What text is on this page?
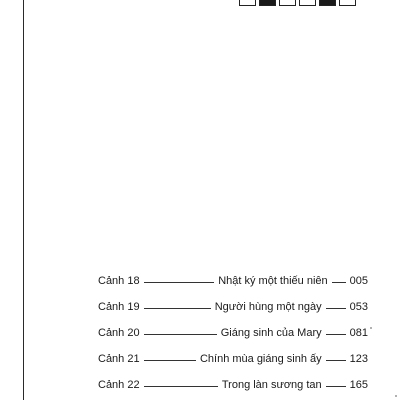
Cảnh 18	Nhật ký một thiếu niên 005
Cảnh 19	Người hùng một ngày	053
Cảnh 20	Giáng sinh của Mary	081
Cảnh 21	Chính mùa giáng sinh ấy	123
Cảnh 22	Trong làn sương tan	165
